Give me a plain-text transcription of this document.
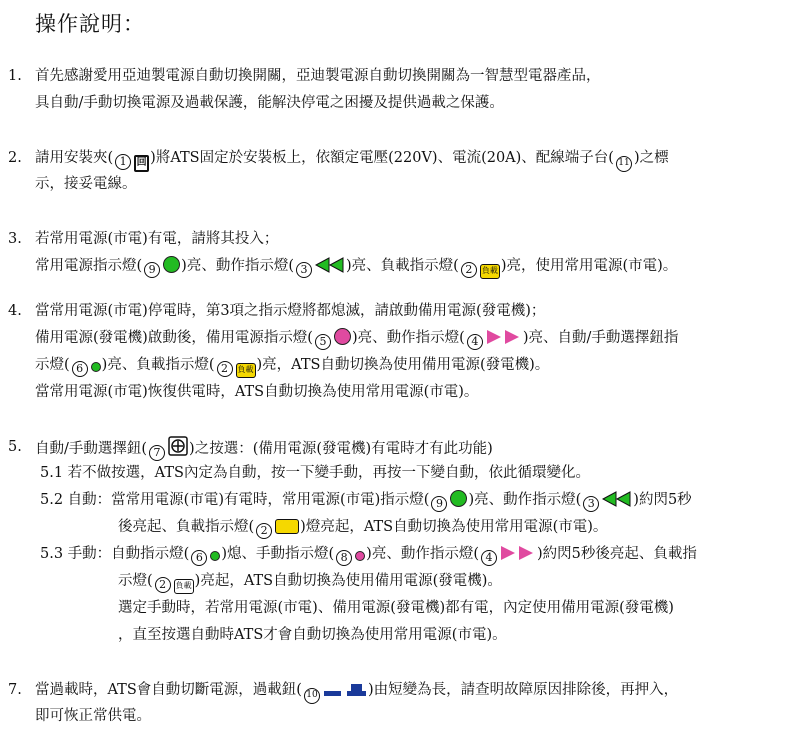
操作說明：
1. 首先感謝愛用亞迪製電源自動切換開關，亞迪製電源自動切換開關為一智慧型電器產品，
具自動/手動切換電源及過載保護，能解決停電之困擾及提供過載之保護。
2. 請用安裝夾( 1 回 )將ATS固定於安裝板上，依額定電壓(220V)、電流(20A)、配線端子台( 11 )之標
示，接妥電線。
3. 若常用電源(市電)有電，請將其投入；
常用電源指示燈( 9 )亮、動作指示燈( 3	)亮、負載指示燈( 2 負載 )亮，使用常用電源(市電)。
4. 當常用電源(市電)停電時，第3項之指示燈將都熄滅，請啟動備用電源(發電機)；
備用電源(發電機)啟動後，備用電源指示燈( 5 )亮、動作指示燈( 4	)亮、自動/手動選擇鈕指
示燈( 6 )亮、負載指示燈( 2 負載 )亮，ATS自動切換為使用備用電源(發電機)。
當常用電源(市電)恢復供電時，ATS自動切換為使用常用電源(市電)。
5. 自動/手動選擇鈕( 7 )之按選：(備用電源(發電機)有電時才有此功能)
5.1 若不做按選，ATS內定為自動，按一下變手動，再按一下變自動，依此循環變化。
5.2 自動：當常用電源(市電)有電時，常用電源(市電)指示燈( 9 )亮、動作指示燈( 3	)約閃5秒
後亮起、負載指示燈( 2 )燈亮起，ATS自動切換為使用常用電源(市電)。
5.3 手動：自動指示燈( 6 )熄、手動指示燈( 8 )亮、動作指示燈( 4	)約閃5秒後亮起、負載指
示燈( 2 負載 )亮起，ATS自動切換為使用備用電源(發電機)。
選定手動時，若常用電源(市電)、備用電源(發電機)都有電，內定使用備用電源(發電機)
，直至按選自動時ATS才會自動切換為使用常用電源(市電)。
7. 當過載時，ATS會自動切斷電源，過載鈕( 10	)由短變為長，請查明故障原因排除後，再押入，
即可恢正常供電。
